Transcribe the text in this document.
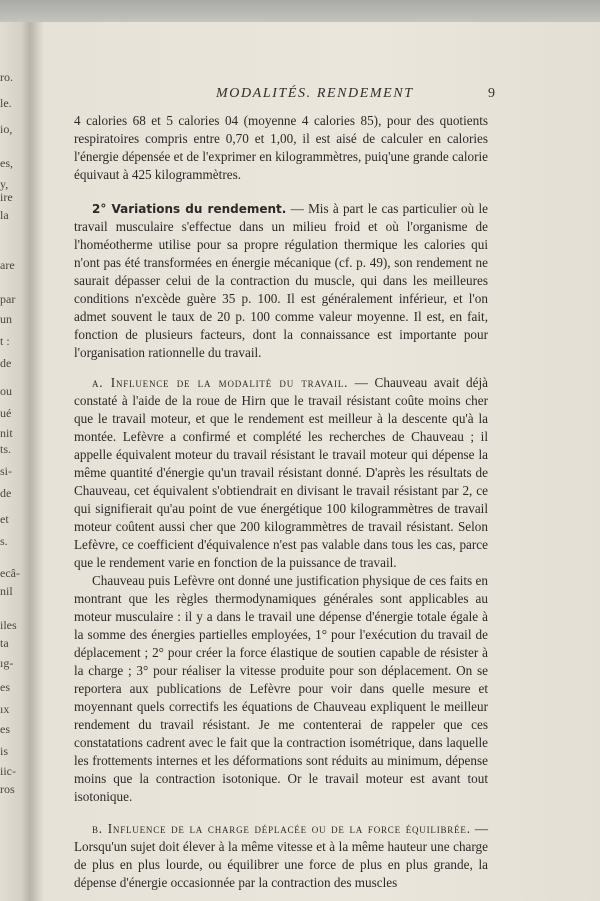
ro.
le.
io,
es,
y,
ire
la
are
par
un
t :
de
ou
ué
nit
ts.
si-
de
et
s.
ecâ-
nil
iles
ta
ıg-
es
ıx
es
is
iic-
ros
MODALITÉS. RENDEMENT	9

4 calories 68 et 5 calories 04 (moyenne 4 calories 85), pour des quotients respiratoires compris entre 0,70 et 1,00, il est aisé de calculer en calories l'énergie dépensée et de l'exprimer en kilogrammètres, puiq'une grande calorie équivaut à 425 kilogrammètres.

2° Variations du rendement. — Mis à part le cas particulier où le travail musculaire s'effectue dans un milieu froid et où l'organisme de l'homéotherme utilise pour sa propre régulation thermique les calories qui n'ont pas été transformées en énergie mécanique (cf. p. 49), son rendement ne saurait dépasser celui de la contraction du muscle, qui dans les meilleures conditions n'excède guère 35 p. 100. Il est généralement inférieur, et l'on admet souvent le taux de 20 p. 100 comme valeur moyenne. Il est, en fait, fonction de plusieurs facteurs, dont la connaissance est importante pour l'organisation rationnelle du travail.

α. Influence de la modalité du travail. — Chauveau avait déjà constaté à l'aide de la roue de Hirn que le travail résistant coûte moins cher que le travail moteur, et que le rendement est meilleur à la descente qu'à la montée. Lefèvre a confirmé et complété les recherches de Chauveau ; il appelle équivalent moteur du travail résistant le travail moteur qui dépense la même quantité d'énergie qu'un travail résistant donné. D'après les résultats de Chauveau, cet équivalent s'obtiendrait en divisant le travail résistant par 2, ce qui signifierait qu'au point de vue énergétique 100 kilogrammètres de travail moteur coûtent aussi cher que 200 kilogrammètres de travail résistant. Selon Lefèvre, ce coefficient d'équivalence n'est pas valable dans tous les cas, parce que le rendement varie en fonction de la puissance de travail.

Chauveau puis Lefèvre ont donné une justification physique de ces faits en montrant que les règles thermodynamiques générales sont applicables au moteur musculaire : il y a dans le travail une dépense d'énergie totale égale à la somme des énergies partielles employées, 1° pour l'exécution du travail de déplacement ; 2° pour créer la force élastique de soutien capable de résister à la charge ; 3° pour réaliser la vitesse produite pour son déplacement. On se reportera aux publications de Lefèvre pour voir dans quelle mesure et moyennant quels correctifs les équations de Chauveau expliquent le meilleur rendement du travail résistant. Je me contenterai de rappeler que ces constatations cadrent avec le fait que la contraction isométrique, dans laquelle les frottements internes et les déformations sont réduits au minimum, dépense moins que la contraction isotonique. Or le travail moteur est avant tout isotonique.

β. Influence de la charge déplacée ou de la force équilibrée. — Lorsqu'un sujet doit élever à la même vitesse et à la même hauteur une charge de plus en plus lourde, ou équilibrer une force de plus en plus grande, la dépense d'énergie occasionnée par la contraction des muscles
